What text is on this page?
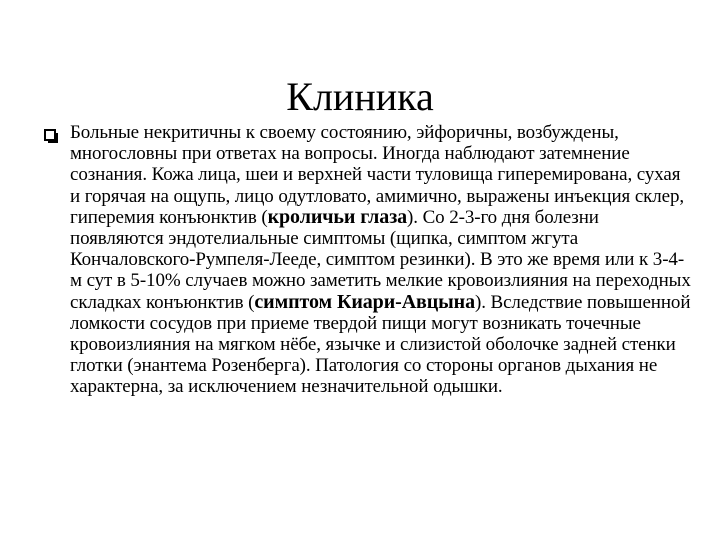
Клиника

Больные некритичны к своему состоянию, эйфоричны, возбуждены, многословны при ответах на вопросы. Иногда наблюдают затемнение сознания. Кожа лица, шеи и верхней части туловища гиперемирована, сухая и горячая на ощупь, лицо одутловато, амимично, выражены инъекция склер, гиперемия конъюнктив (кроличьи глаза). Со 2-3-го дня болезни появляются эндотелиальные симптомы (щипка, симптом жгута Кончаловского-Румпеля-Лееде, симптом резинки). В это же время или к 3-4-м сут в 5-10% случаев можно заметить мелкие кровоизлияния на переходных складках конъюнктив (симптом Киари-Авцына). Вследствие повышенной ломкости сосудов при приеме твердой пищи могут возникать точечные кровоизлияния на мягком нёбе, язычке и слизистой оболочке задней стенки глотки (энантема Розенберга). Патология со стороны органов дыхания не характерна, за исключением незначительной одышки.
